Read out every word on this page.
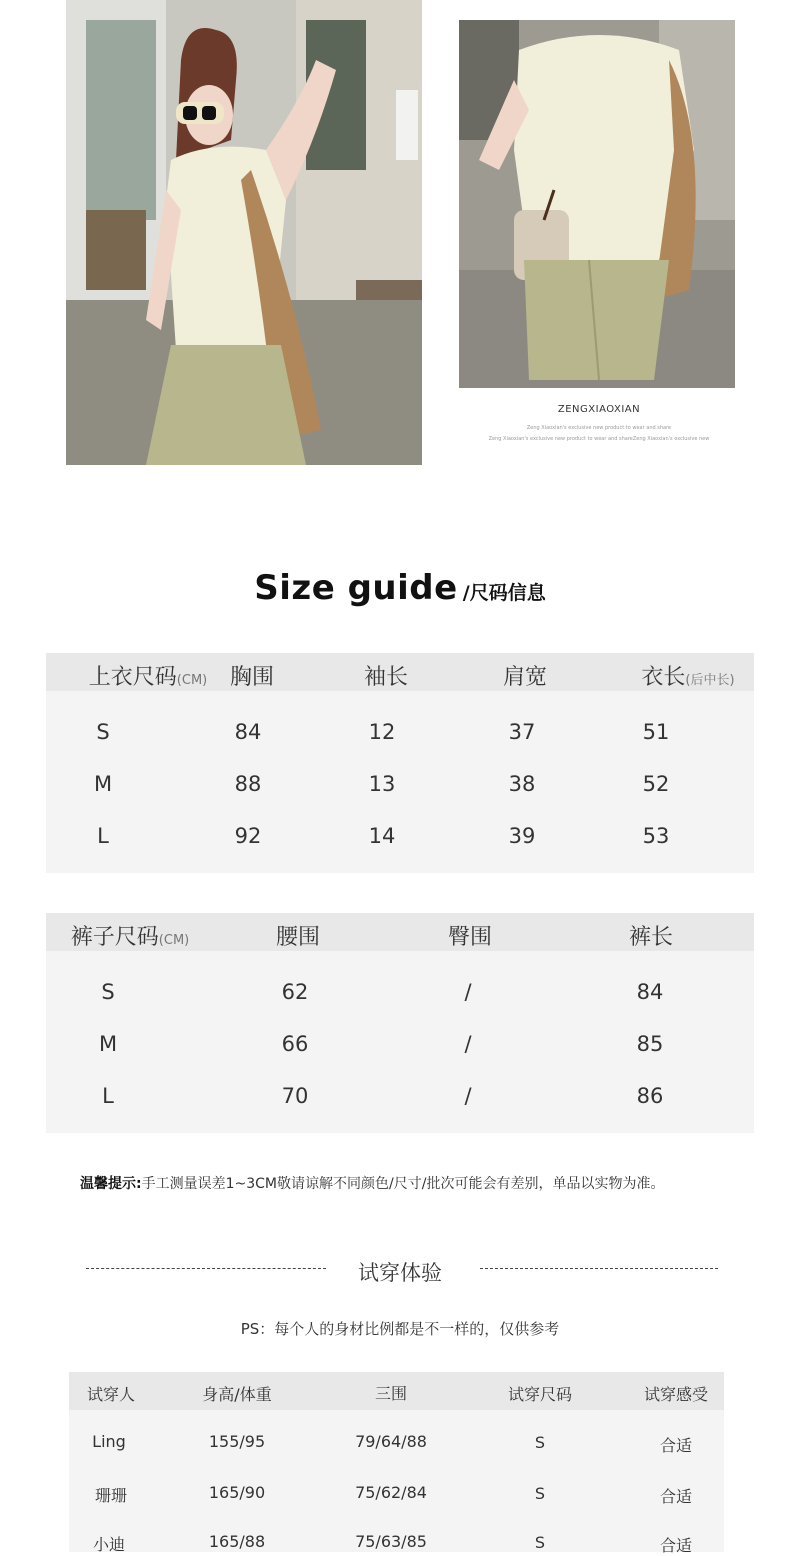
ZENGXIAOXIAN
Zeng Xiaoxian's exclusive new product to wear and share
Zeng Xiaoxian's exclusive new product to wear and shareZeng Xiaoxian's exclusive new
Size guide /尺码信息
上衣尺码(CM) 胸围	袖长	肩宽	衣长(后中长)
S	84	12	37	51
M	88	13	38	52
L	92	14	39	53
裤子尺码(CM)	腰围	臀围	裤长
S	62	/	84
M	66	/	85
L	70	/	86
温馨提示:手工测量误差1~3CM敬请谅解不同颜色/尺寸/批次可能会有差别，单品以实物为准。
试穿体验
PS：每个人的身材比例都是不一样的，仅供参考
试穿人	身高/体重	三围	试穿尺码	试穿感受
Ling	155/95	79/64/88	S	合适
珊珊	165/90	75/62/84	S	合适
小迪	165/88	75/63/85	S	合适
